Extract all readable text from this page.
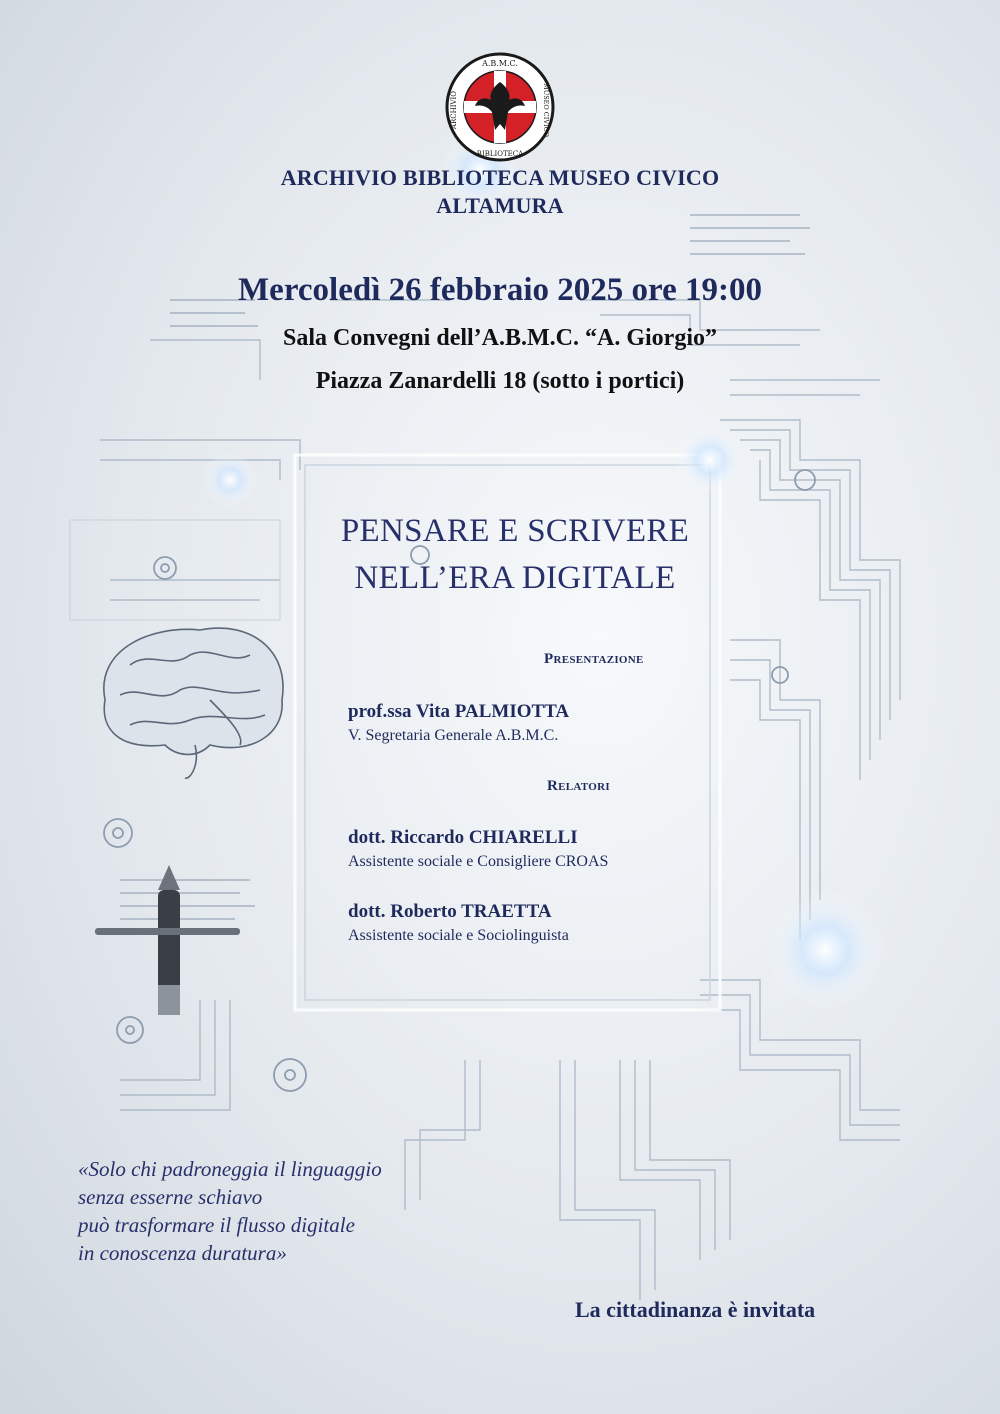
A.B.M.C.
BIBLIOTECA
ARCHIVIO	MUSEO CIVICO
ARCHIVIO BIBLIOTECA MUSEO CIVICO
ALTAMURA
Mercoledì 26 febbraio 2025 ore 19:00
Sala Convegni dell’A.B.M.C. “A. Giorgio”
Piazza Zanardelli 18 (sotto i portici)
PENSARE E SCRIVERE
NELL’ERA DIGITALE
Presentazione
prof.ssa Vita PALMIOTTA
V. Segretaria Generale A.B.M.C.
Relatori
dott. Riccardo CHIARELLI
Assistente sociale e Consigliere CROAS
dott. Roberto TRAETTA
Assistente sociale e Sociolinguista
«Solo chi padroneggia il linguaggio
senza esserne schiavo
può trasformare il flusso digitale
in conoscenza duratura»
La cittadinanza è invitata
